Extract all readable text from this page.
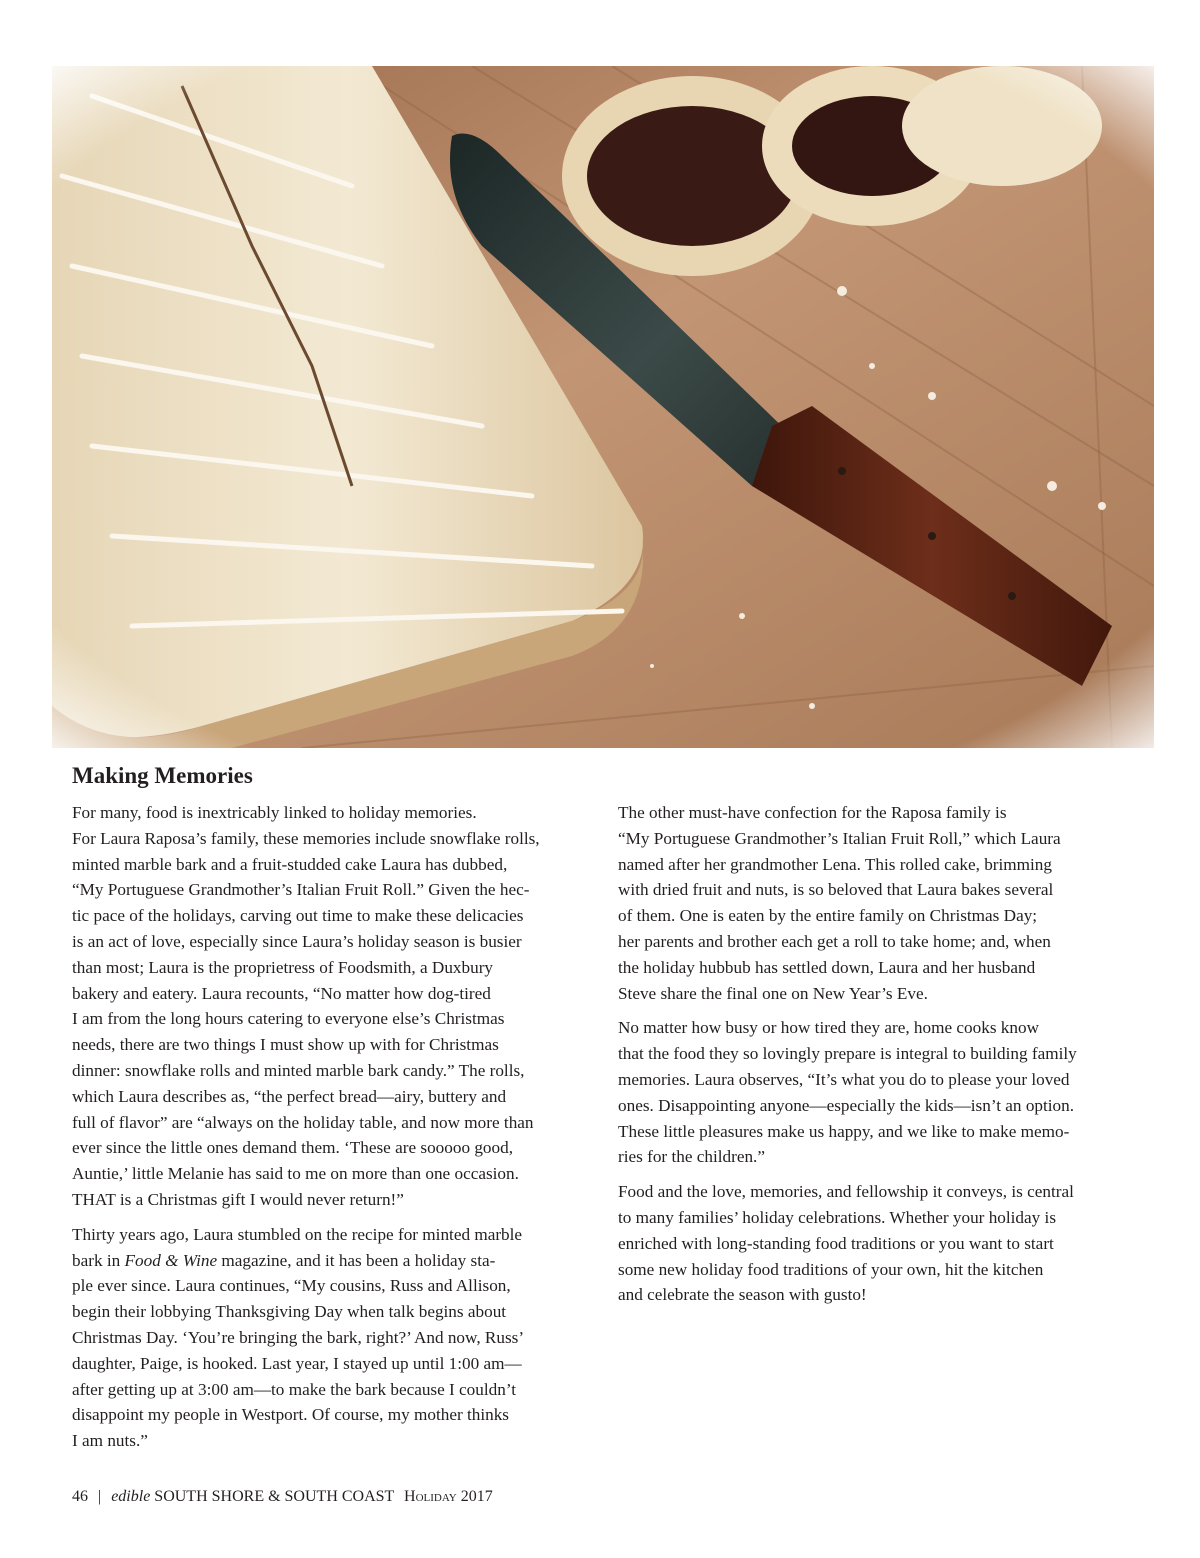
Making Memories

For many, food is inextricably linked to holiday memories.
For Laura Raposa’s family, these memories include snowflake rolls,
minted marble bark and a fruit-studded cake Laura has dubbed,
“My Portuguese Grandmother’s Italian Fruit Roll.” Given the hec-
tic pace of the holidays, carving out time to make these delicacies
is an act of love, especially since Laura’s holiday season is busier
than most; Laura is the proprietress of Foodsmith, a Duxbury
bakery and eatery. Laura recounts, “No matter how dog-tired
I am from the long hours catering to everyone else’s Christmas
needs, there are two things I must show up with for Christmas
dinner: snowflake rolls and minted marble bark candy.” The rolls,
which Laura describes as, “the perfect bread—airy, buttery and
full of flavor” are “always on the holiday table, and now more than
ever since the little ones demand them. ‘These are sooooo good,
Auntie,’ little Melanie has said to me on more than one occasion.
THAT is a Christmas gift I would never return!”

Thirty years ago, Laura stumbled on the recipe for minted marble
bark in Food & Wine magazine, and it has been a holiday sta-
ple ever since. Laura continues, “My cousins, Russ and Allison,
begin their lobbying Thanksgiving Day when talk begins about
Christmas Day. ‘You’re bringing the bark, right?’ And now, Russ’
daughter, Paige, is hooked. Last year, I stayed up until 1:00 am—
after getting up at 3:00 am—to make the bark because I couldn’t
disappoint my people in Westport. Of course, my mother thinks
I am nuts.”

The other must-have confection for the Raposa family is
“My Portuguese Grandmother’s Italian Fruit Roll,” which Laura
named after her grandmother Lena. This rolled cake, brimming
with dried fruit and nuts, is so beloved that Laura bakes several
of them. One is eaten by the entire family on Christmas Day;
her parents and brother each get a roll to take home; and, when
the holiday hubbub has settled down, Laura and her husband
Steve share the final one on New Year’s Eve.

No matter how busy or how tired they are, home cooks know
that the food they so lovingly prepare is integral to building family
memories. Laura observes, “It’s what you do to please your loved
ones. Disappointing anyone—especially the kids—isn’t an option.
These little pleasures make us happy, and we like to make memo-
ries for the children.”

Food and the love, memories, and fellowship it conveys, is central
to many families’ holiday celebrations. Whether your holiday is
enriched with long-standing food traditions or you want to start
some new holiday food traditions of your own, hit the kitchen
and celebrate the season with gusto!

46 | edible SOUTH SHORE & SOUTH COAST Holiday 2017
